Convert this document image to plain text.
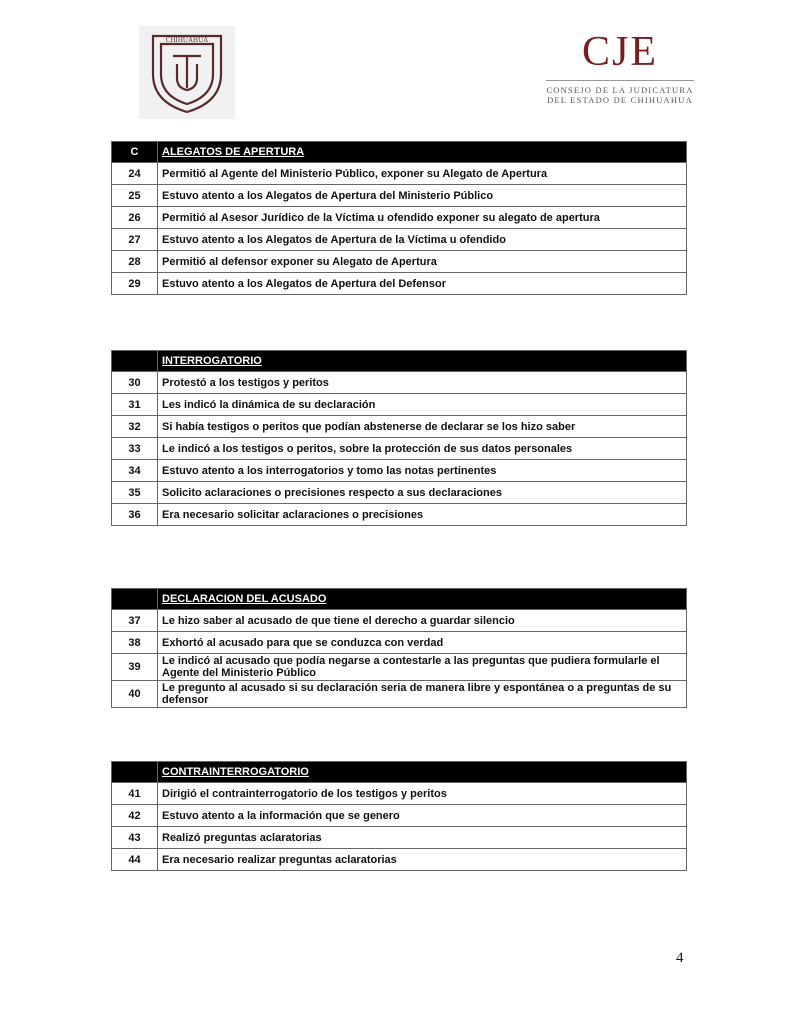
CHIHUAHUA	CJE
CONSEJO DE LA JUDICATURA
DEL ESTADO DE CHIHUAHUA
C	ALEGATOS DE APERTURA
24	Permitió al Agente del Ministerio Público, exponer su Alegato de Apertura
25	Estuvo atento a los Alegatos de Apertura del Ministerio Público
26	Permitió al Asesor Jurídico de la Víctima u ofendido exponer su alegato de apertura
27	Estuvo atento a los Alegatos de Apertura de la Víctima u ofendido
28	Permitió al defensor exponer su Alegato de Apertura
29	Estuvo atento a los Alegatos de Apertura del Defensor
	INTERROGATORIO
30	Protestó a los testigos y peritos
31	Les indicó la dinámica de su declaración
32	Si había testigos o peritos que podían abstenerse de declarar se los hizo saber
33	Le indicó a los testigos o peritos, sobre la protección de sus datos personales
34	Estuvo atento a los interrogatorios y tomo las notas pertinentes
35	Solicito aclaraciones o precisiones respecto a sus declaraciones
36	Era necesario solicitar aclaraciones o precisiones
	DECLARACION DEL ACUSADO
37	Le hizo saber al acusado de que tiene el derecho a guardar silencio
38	Exhortó al acusado para que se conduzca con verdad
39	Le indicó al acusado que podía negarse a contestarle a las preguntas que pudiera formularle el Agente del Ministerio Público
40	Le pregunto al acusado si su declaración seria de manera libre y espontánea o a preguntas de su defensor
	CONTRAINTERROGATORIO
41	Dirigió el contrainterrogatorio de los testigos y peritos
42	Estuvo atento a la información que se genero
43	Realizó preguntas aclaratorias
44	Era necesario realizar preguntas aclaratorias
4
